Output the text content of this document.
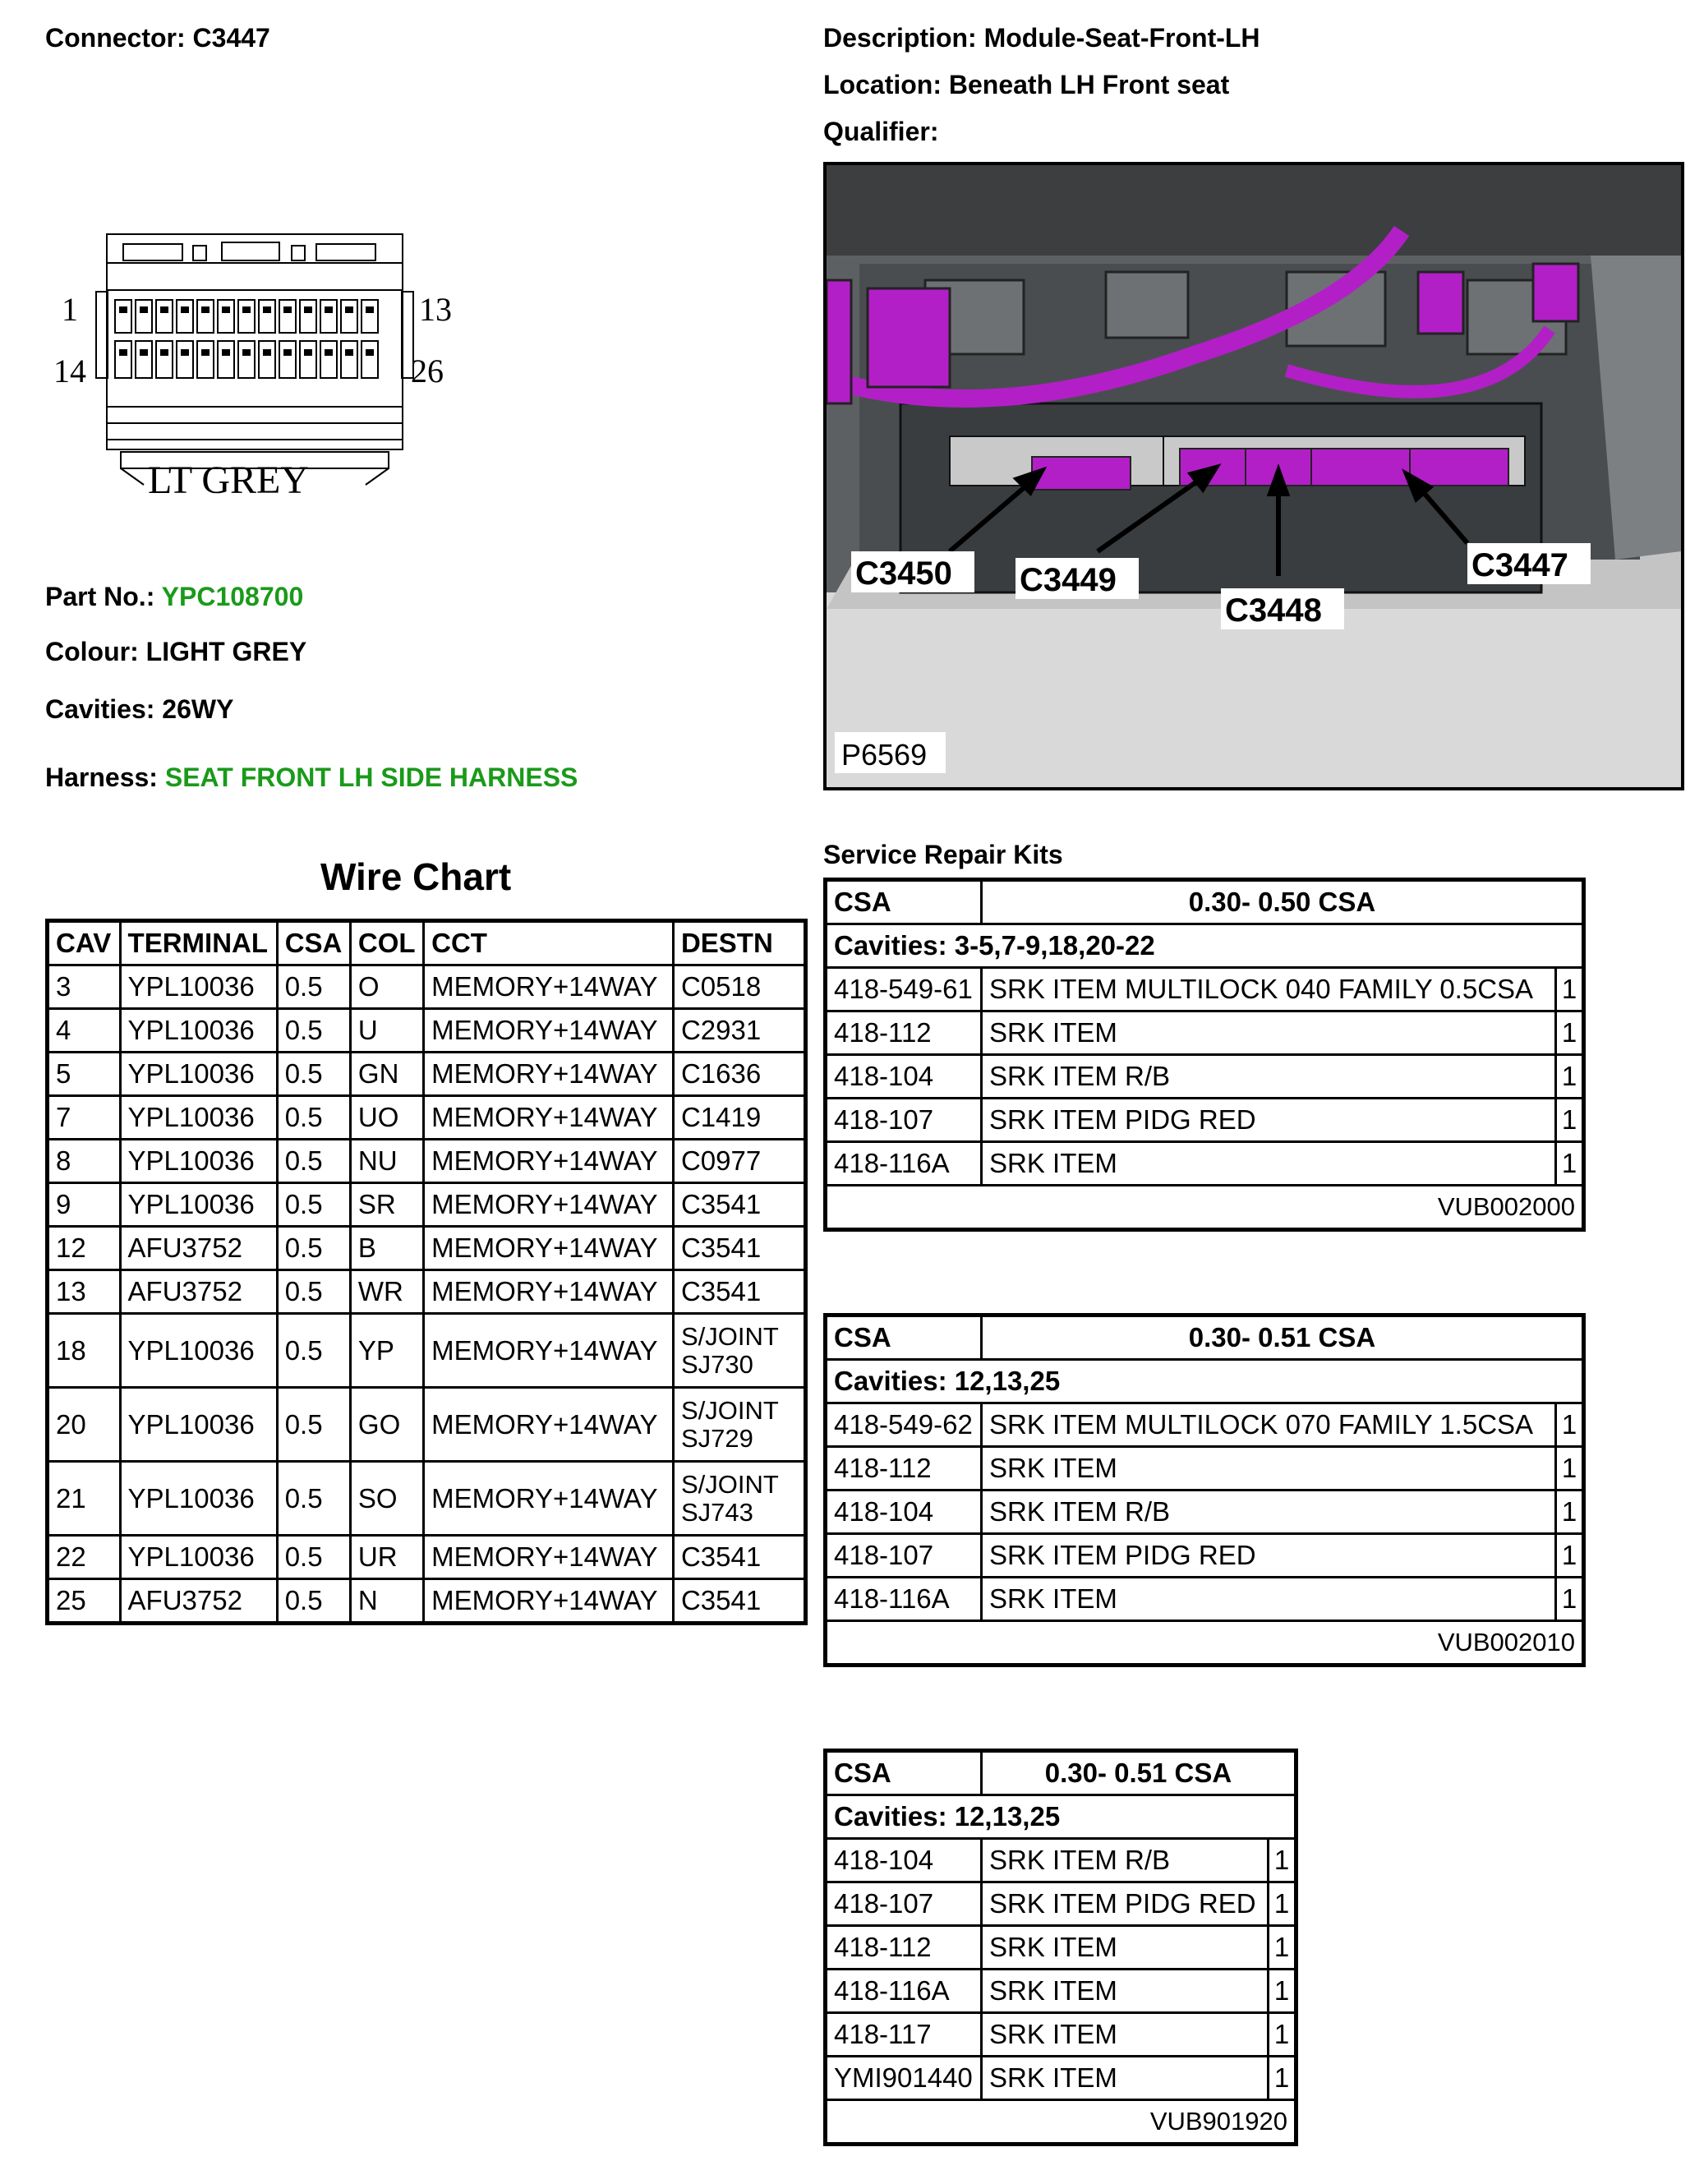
Connector: C3447	Description: Module-Seat-Front-LH
Location: Beneath LH Front seat
Qualifier:
1	13
14	26
LT GREY
Part No.: YPC108700
Colour: LIGHT GREY
Cavities: 26WY
Harness: SEAT FRONT LH SIDE HARNESS
C3450 C3449
C3448
C3447
P6569
Wire Chart
CAV	TERMINAL	CSA	COL	CCT	DESTN
3	YPL10036	0.5	O	MEMORY+14WAY	C0518
4	YPL10036	0.5	U	MEMORY+14WAY	C2931
5	YPL10036	0.5	GN	MEMORY+14WAY	C1636
7	YPL10036	0.5	UO	MEMORY+14WAY	C1419
8	YPL10036	0.5	NU	MEMORY+14WAY	C0977
9	YPL10036	0.5	SR	MEMORY+14WAY	C3541
12	AFU3752	0.5	B	MEMORY+14WAY	C3541
13	AFU3752	0.5	WR	MEMORY+14WAY	C3541
18	YPL10036	0.5	YP	MEMORY+14WAY	S/JOINT
SJ730

20	YPL10036	0.5	GO	MEMORY+14WAY	S/JOINT
SJ729

21	YPL10036	0.5	SO	MEMORY+14WAY	S/JOINT
SJ743

22	YPL10036	0.5	UR	MEMORY+14WAY	C3541
25	AFU3752	0.5	N	MEMORY+14WAY	C3541
Service Repair Kits
CSA	0.30- 0.50 CSA	
Cavities: 3-5,7-9,18,20-22		
418-549-61	SRK ITEM MULTILOCK 040 FAMILY 0.5CSA	1
418-112	SRK ITEM	1
418-104	SRK ITEM R/B	1
418-107	SRK ITEM PIDG RED	1
418-116A	SRK ITEM	1
VUB002000		
CSA	0.30- 0.51 CSA	
Cavities: 12,13,25		
418-549-62	SRK ITEM MULTILOCK 070 FAMILY 1.5CSA	1
418-112	SRK ITEM	1
418-104	SRK ITEM R/B	1
418-107	SRK ITEM PIDG RED	1
418-116A	SRK ITEM	1
VUB002010		
CSA	0.30- 0.51 CSA	
Cavities: 12,13,25		
418-104	SRK ITEM R/B	1
418-107	SRK ITEM PIDG RED	1
418-112	SRK ITEM	1
418-116A	SRK ITEM	1
418-117	SRK ITEM	1
YMI901440	SRK ITEM	1
VUB901920		
